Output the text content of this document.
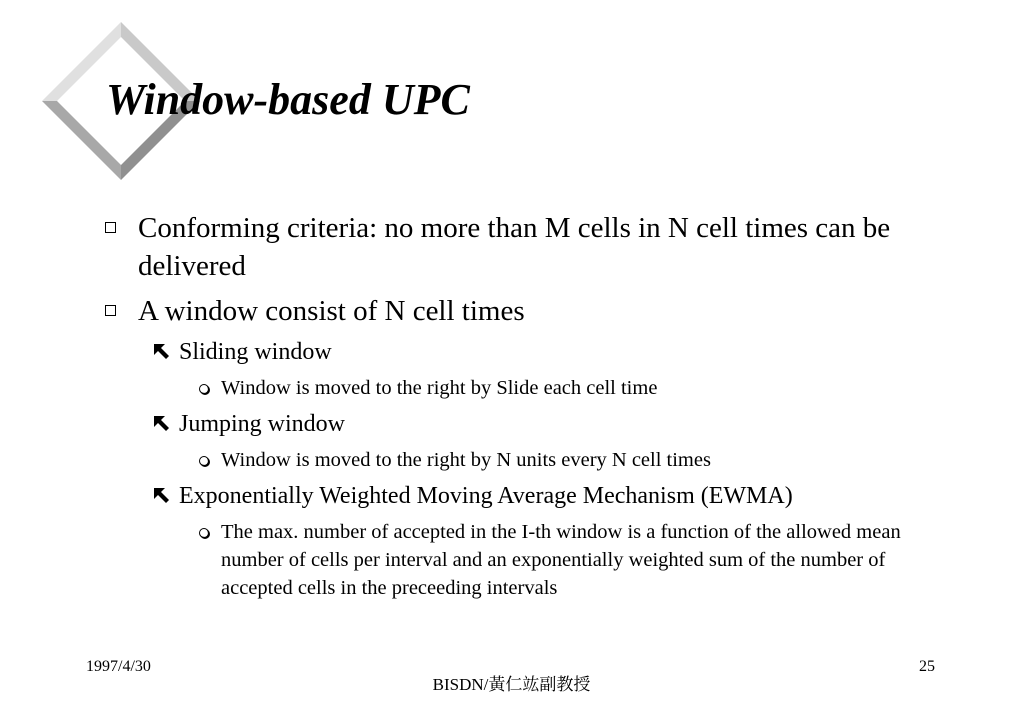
Window-based UPC
Conforming criteria: no more than M cells in N cell times can be delivered
A window consist of N cell times
Sliding window
Window is moved to the right by Slide each cell time
Jumping window
Window is moved to the right by N units every N cell times
Exponentially Weighted Moving Average Mechanism (EWMA)
The max. number of accepted in the I-th window is a function of the allowed mean number of cells per interval and an exponentially weighted sum of the number of accepted cells in the preceeding intervals
1997/4/30
BISDN/黃仁竑副教授
25
